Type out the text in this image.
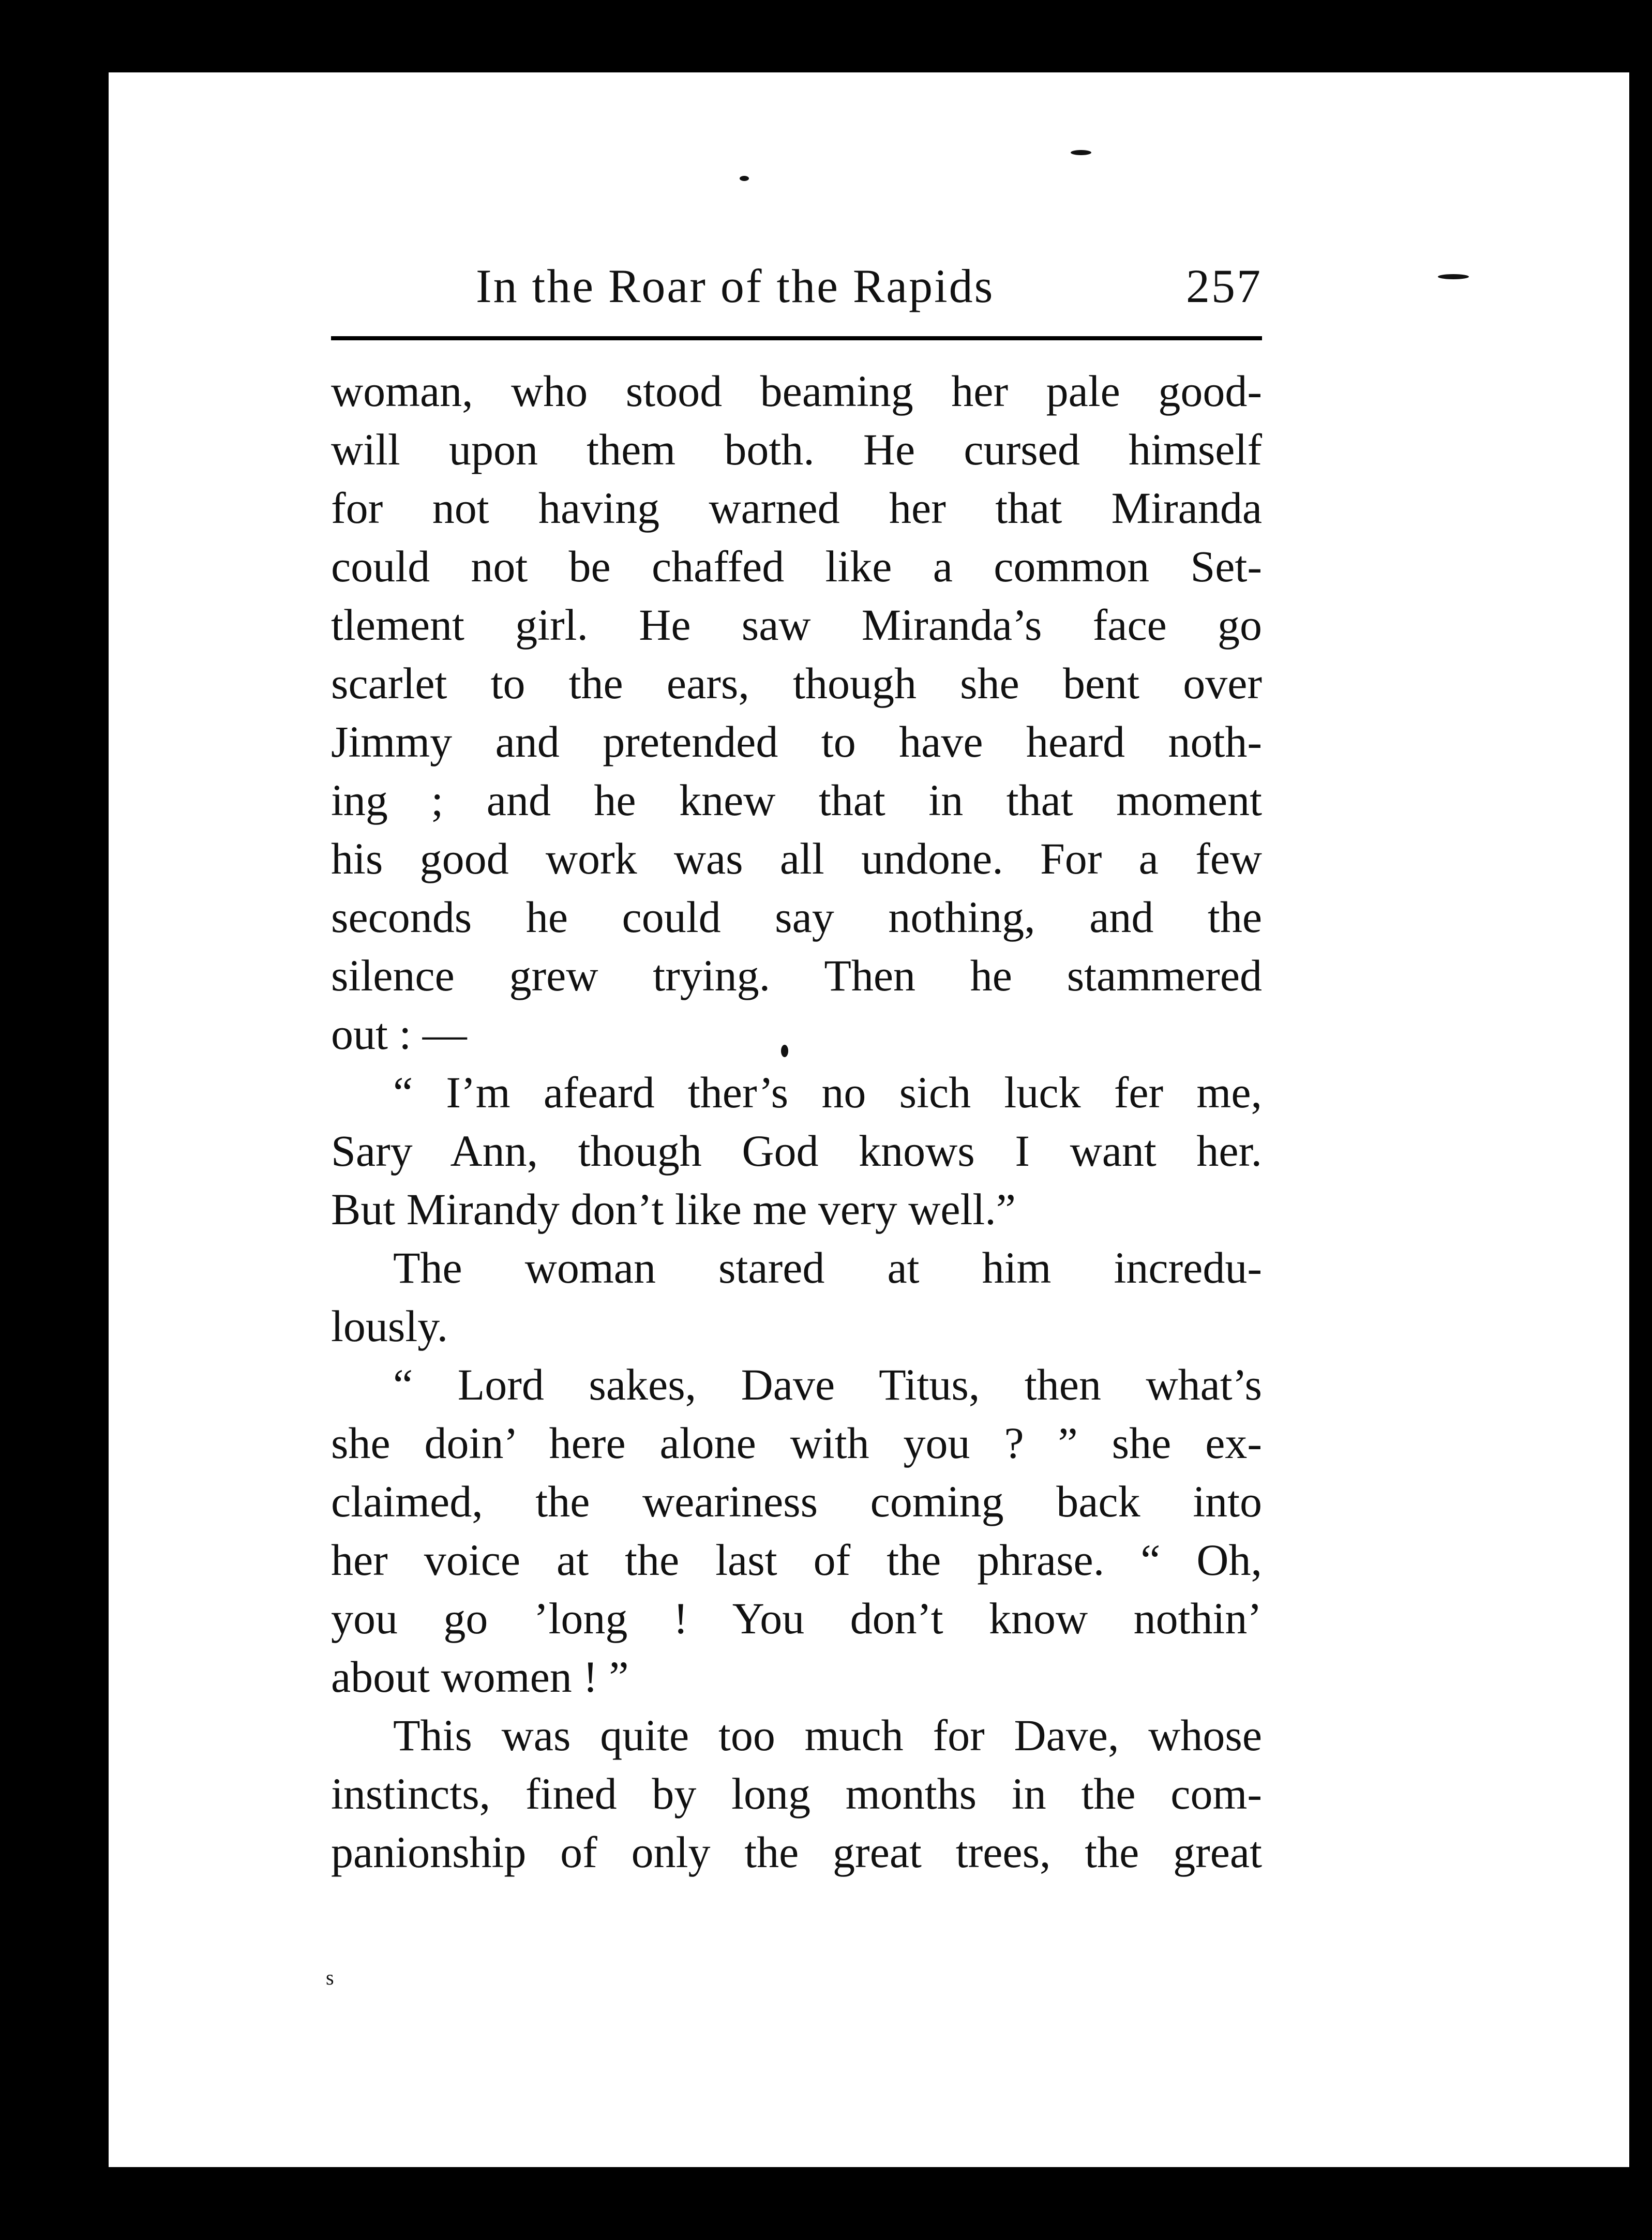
In the Roar of the Rapids	257
woman, who stood beaming her pale good-
will upon them both. He cursed himself
for not having warned her that Miranda
could not be chaffed like a common Set-
tlement girl. He saw Miranda’s face go
scarlet to the ears, though she bent over
Jimmy and pretended to have heard noth-
ing ; and he knew that in that moment
his good work was all undone. For a few
seconds he could say nothing, and the
silence grew trying. Then he stammered
out : —
“ I’m afeard ther’s no sich luck fer me,
Sary Ann, though God knows I want her.
But Mirandy don’t like me very well.”
The woman stared at him incredu-
lously.
“ Lord sakes, Dave Titus, then what’s
she doin’ here alone with you ? ” she ex-
claimed, the weariness coming back into
her voice at the last of the phrase. “ Oh,
you go ’long ! You don’t know nothin’
about women ! ”
This was quite too much for Dave, whose
instincts, fined by long months in the com-
panionship of only the great trees, the great
s
